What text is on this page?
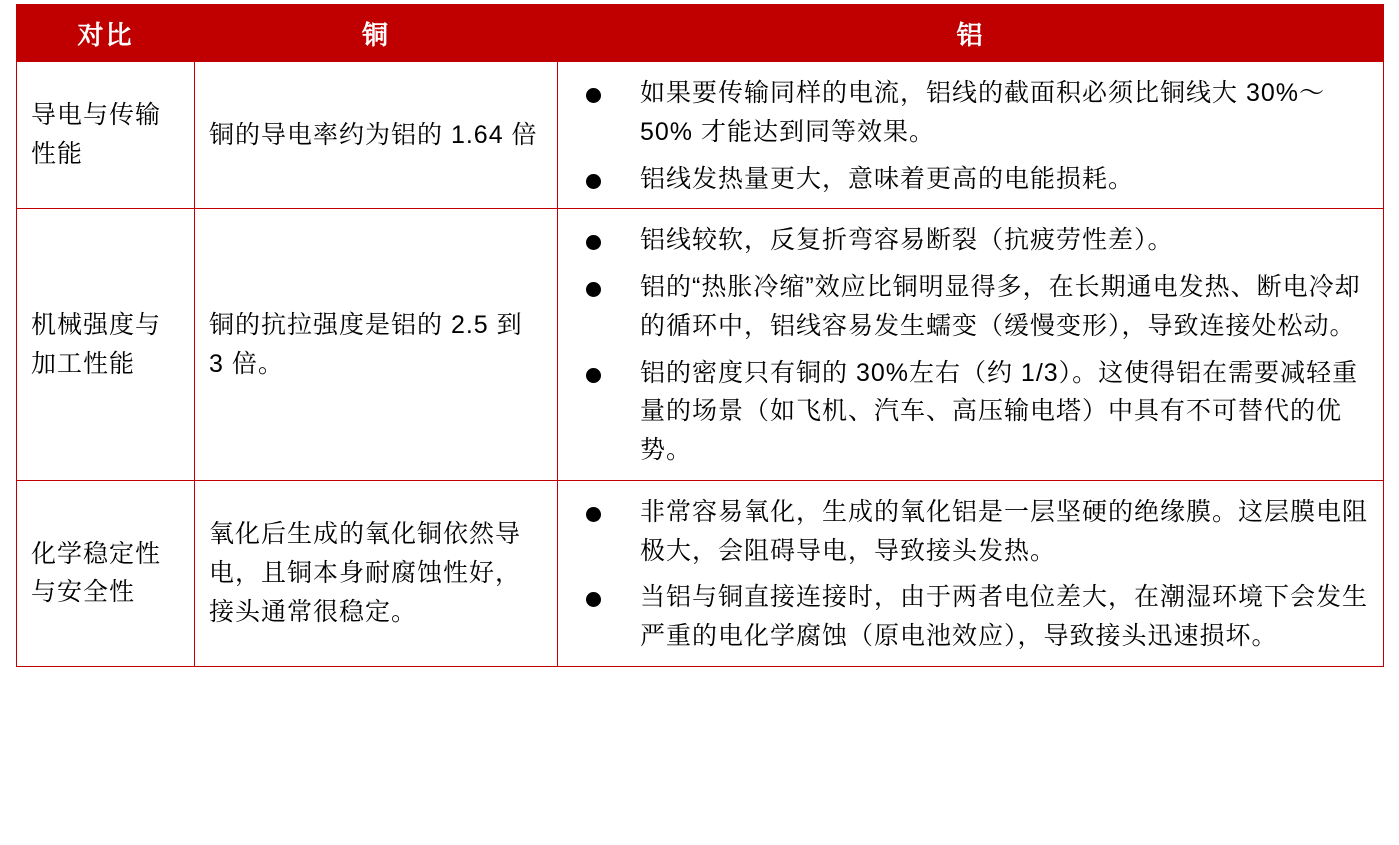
对比	铜	铝
导电与传输性能	铜的导电率约为铝的 1.64 倍	
如果要传输同样的电流，铝线的截面积必须比铜线大 30%～50% 才能达到同等效果。
铝线发热量更大，意味着更高的电能损耗。

机械强度与加工性能	铜的抗拉强度是铝的 2.5 到 3 倍。	
铝线较软，反复折弯容易断裂（抗疲劳性差）。
铝的“热胀冷缩”效应比铜明显得多，在长期通电发热、断电冷却的循环中，铝线容易发生蠕变（缓慢变形），导致连接处松动。
铝的密度只有铜的 30%左右（约 1/3）。这使得铝在需要减轻重量的场景（如飞机、汽车、高压输电塔）中具有不可替代的优势。

化学稳定性与安全性	氧化后生成的氧化铜依然导电，且铜本身耐腐蚀性好，接头通常很稳定。	
非常容易氧化，生成的氧化铝是一层坚硬的绝缘膜。这层膜电阻极大，会阻碍导电，导致接头发热。
当铝与铜直接连接时，由于两者电位差大，在潮湿环境下会发生严重的电化学腐蚀（原电池效应），导致接头迅速损坏。
